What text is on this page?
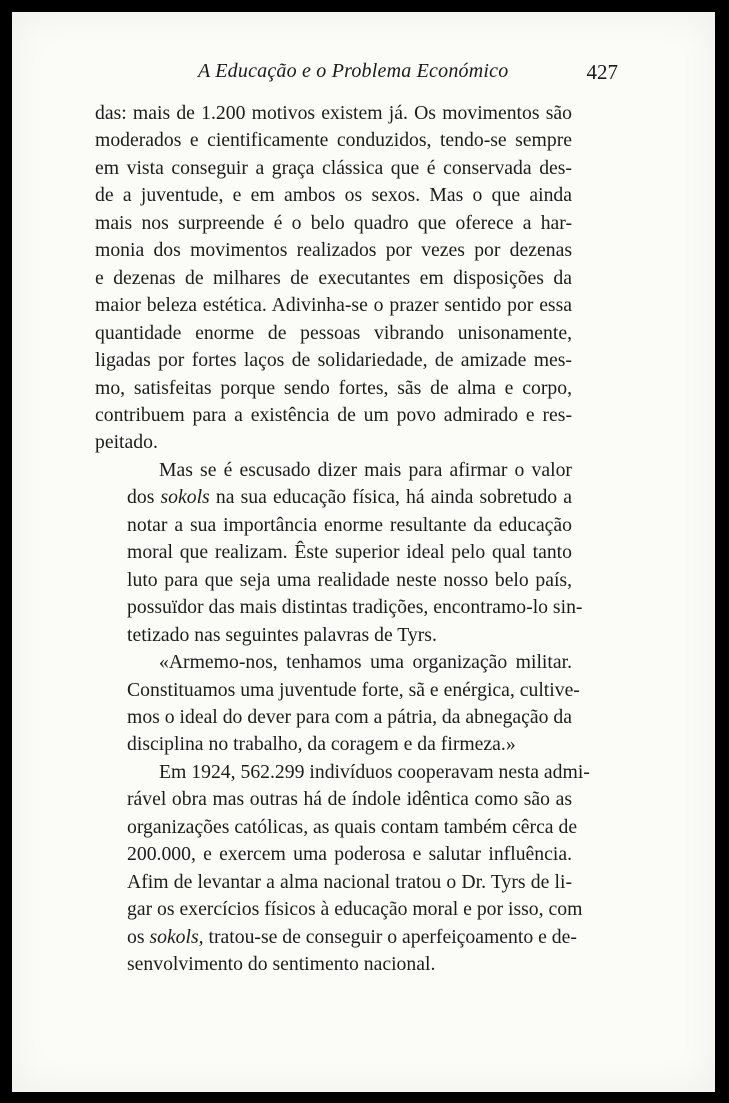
A Educação e o Problema Económico	427

das: mais de 1.200 motivos existem já. Os movimentos são
moderados e cientificamente conduzidos, tendo-se sempre
em vista conseguir a graça clássica que é conservada des-
de a juventude, e em ambos os sexos. Mas o que ainda
mais nos surpreende é o belo quadro que oferece a har-
monia dos movimentos realizados por vezes por dezenas
e dezenas de milhares de executantes em disposições da
maior beleza estética. Adivinha-se o prazer sentido por essa
quantidade enorme de pessoas vibrando unisonamente,
ligadas por fortes laços de solidariedade, de amizade mes-
mo, satisfeitas porque sendo fortes, sãs de alma e corpo,
contribuem para a existência de um povo admirado e res-
peitado.

Mas se é escusado dizer mais para afirmar o valor
dos sokols na sua educação física, há ainda sobretudo a
notar a sua importância enorme resultante da educação
moral que realizam. Êste superior ideal pelo qual tanto
luto para que seja uma realidade neste nosso belo país,
possuïdor das mais distintas tradições, encontramo-lo sin-
tetizado nas seguintes palavras de Tyrs.

«Armemo-nos, tenhamos uma organização militar.
Constituamos uma juventude forte, sã e enérgica, cultive-
mos o ideal do dever para com a pátria, da abnegação da
disciplina no trabalho, da coragem e da firmeza.»

Em 1924, 562.299 indivíduos cooperavam nesta admi-
rável obra mas outras há de índole idêntica como são as
organizações católicas, as quais contam também cêrca de
200.000, e exercem uma poderosa e salutar influência.
Afim de levantar a alma nacional tratou o Dr. Tyrs de li-
gar os exercícios físicos à educação moral e por isso, com
os sokols, tratou-se de conseguir o aperfeiçoamento e de-
senvolvimento do sentimento nacional.
